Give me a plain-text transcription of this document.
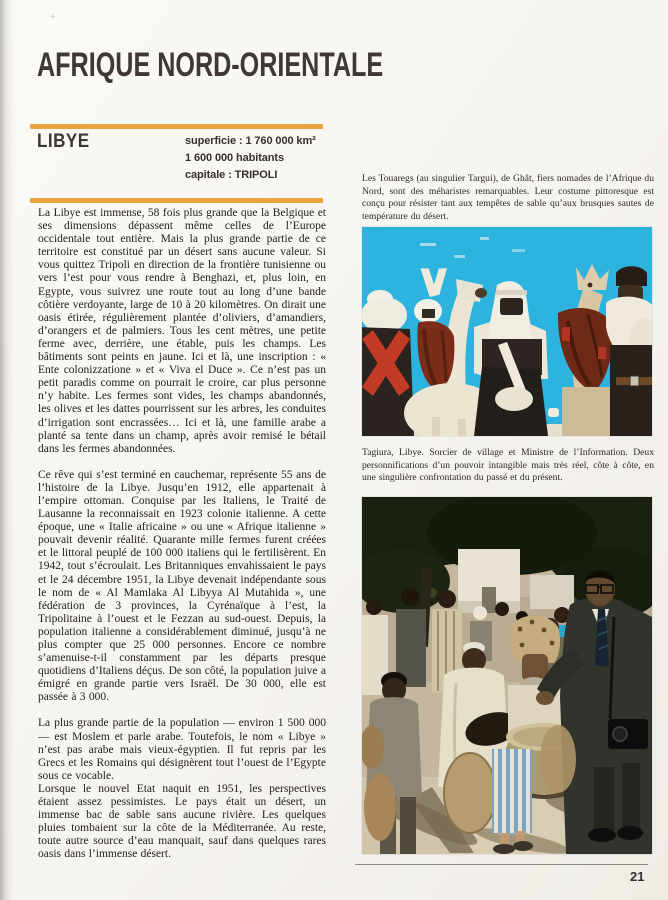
+
AFRIQUE NORD-ORIENTALE
LIBYE	superficie : 1 760 000 km²
1 600 000 habitants
capitale : TRIPOLI

La Libye est immense, 58 fois plus grande que la Belgique et ses dimensions dépassent même celles de l’Europe occidentale tout entière. Mais la plus grande partie de ce territoire est constitué par un désert sans aucune valeur. Si vous quittez Tripoli en direction de la frontière tunisienne ou vers l’est pour vous rendre à Benghazi, et, plus loin, en Egypte, vous suivrez une route tout au long d’une bande côtière verdoyante, large de 10 à 20 kilomètres. On dirait une oasis étirée, régulièrement plantée d’oliviers, d’amandiers, d’orangers et de palmiers. Tous les cent mètres, une petite ferme avec, derrière, une étable, puis les champs. Les bâtiments sont peints en jaune. Ici et là, une inscription : « Ente colonizzatione » et « Viva el Duce ». Ce n’est pas un petit paradis comme on pourrait le croire, car plus personne n’y habite. Les fermes sont vides, les champs abandonnés, les olives et les dattes pourrissent sur les arbres, les conduites d’irrigation sont encrassées… Ici et là, une famille arabe a planté sa tente dans un champ, après avoir remisé le bétail dans les fermes abandonnées.

Ce rêve qui s’est terminé en cauchemar, représente 55 ans de l’histoire de la Libye. Jusqu’en 1912, elle appartenait à l’empire ottoman. Conquise par les Italiens, le Traité de Lausanne la reconnaissait en 1923 colonie italienne. A cette époque, une « Italie africaine » ou une « Afrique italienne » pouvait devenir réalité. Quarante mille fermes furent créées et le littoral peuplé de 100 000 italiens qui le fertilisèrent. En 1942, tout s’écroulait. Les Britanniques envahissaient le pays et le 24 décembre 1951, la Libye devenait indépendante sous le nom de « Al Mamlaka Al Libyya Al Mutahida », une fédération de 3 provinces, la Cyrénaïque à l’est, la Tripolitaine à l’ouest et le Fezzan au sud-ouest. Depuis, la population italienne a considérablement diminué, jusqu’à ne plus compter que 25 000 personnes. Encore ce nombre s’amenuise-t-il constamment par les départs presque quotidiens d’Italiens déçus. De son côté, la population juive a émigré en grande partie vers Israël. De 30 000, elle est passée à 3 000.

La plus grande partie de la population — environ 1 500 000 — est Moslem et parle arabe. Toutefois, le nom « Libye » n’est pas arabe mais vieux-égyptien. Il fut repris par les Grecs et les Romains qui désignèrent tout l’ouest de l’Egypte sous ce vocable.

Lorsque le nouvel Etat naquit en 1951, les perspectives étaient assez pessimistes. Le pays était un désert, un immense bac de sable sans aucune rivière. Les quelques pluies tombaient sur la côte de la Méditerranée. Au reste, toute autre source d’eau manquait, sauf dans quelques rares oasis dans l’immense désert.

Les Touaregs (au singulier Targui), de Ghât, fiers nomades de l’Afrique du Nord, sont des méharistes remarquables. Leur costume pittoresque est conçu pour résister tant aux tempêtes de sable qu’aux brusques sautes de température du désert.
Tagiura, Libye. Sorcier de village et Ministre de l’Information. Deux personnifications d’un pouvoir intangible mais très réel, côte à côte, en une singulière confrontation du passé et du présent.
21
